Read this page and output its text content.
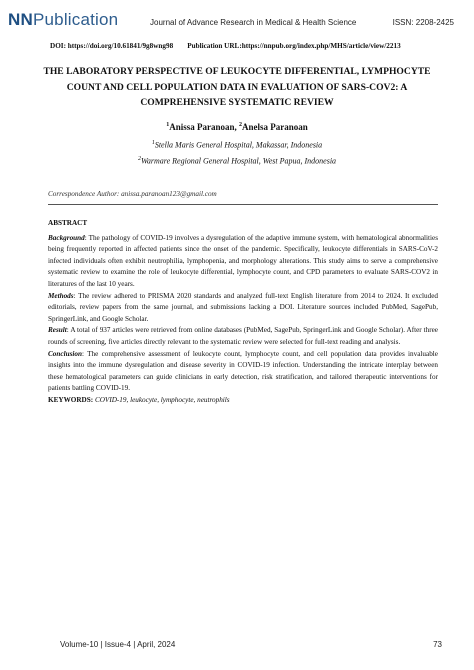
NNPublication	Journal of Advance Research in Medical & Health Science	ISSN: 2208-2425
DOI: https://doi.org/10.61841/9g8wng98 Publication URL:https://nnpub.org/index.php/MHS/article/view/2213
THE LABORATORY PERSPECTIVE OF LEUKOCYTE DIFFERENTIAL, LYMPHOCYTE COUNT AND CELL POPULATION DATA IN EVALUATION OF SARS-COV2: A COMPREHENSIVE SYSTEMATIC REVIEW
$^1$Anissa Paranoan, $^2$Anelsa Paranoan
$^1$Stella Maris General Hospital, Makassar, Indonesia
$^2$Warmare Regional General Hospital, West Papua, Indonesia
Correspondence Author: anissa.paranoan123@gmail.com

ABSTRACT

Background: The pathology of COVID-19 involves a dysregulation of the adaptive immune system, with hematological abnormalities being frequently reported in affected patients since the onset of the pandemic. Specifically, leukocyte differentials in SARS-CoV-2 infected individuals often exhibit neutrophilia, lymphopenia, and morphology alterations. This study aims to serve a comprehensive systematic review to examine the role of leukocyte differential, lymphocyte count, and CPD parameters to evaluate SARS-COV2 in literatures of the last 10 years.

Methods: The review adhered to PRISMA 2020 standards and analyzed full-text English literature from 2014 to 2024. It excluded editorials, review papers from the same journal, and submissions lacking a DOI. Literature sources included PubMed, SagePub, SpringerLink, and Google Scholar.

Result: A total of 937 articles were retrieved from online databases (PubMed, SagePub, SpringerLink and Google Scholar). After three rounds of screening, five articles directly relevant to the systematic review were selected for full-text reading and analysis.

Conclusion: The comprehensive assessment of leukocyte count, lymphocyte count, and cell population data provides invaluable insights into the immune dysregulation and disease severity in COVID-19 infection. Understanding the intricate interplay between these hematological parameters can guide clinicians in early detection, risk stratification, and tailored therapeutic interventions for patients battling COVID-19.

KEYWORDS: COVID-19, leukocyte, lymphocyte, neutrophils

Volume-10 | Issue-4 | April, 2024	73
